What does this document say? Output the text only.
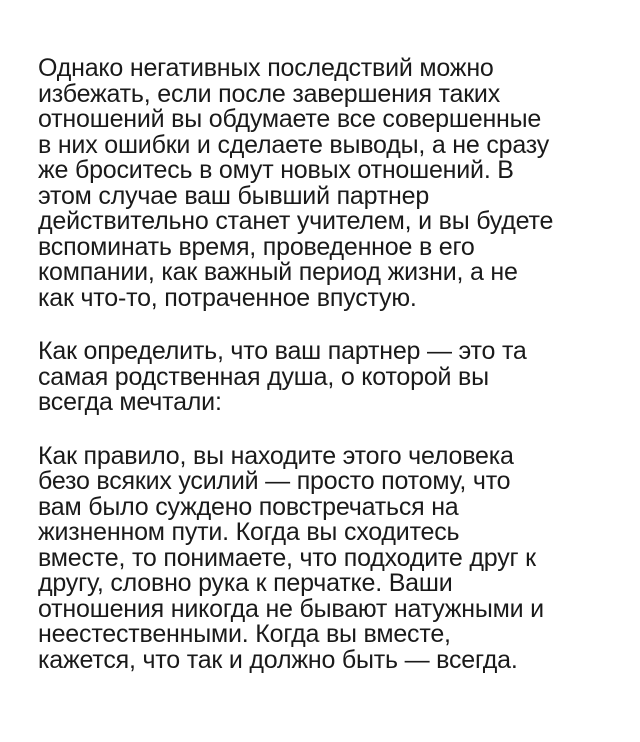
Однако негативных последствий можно
избежать, если после завершения таких
отношений вы обдумаете все совершенные
в них ошибки и сделаете выводы, а не сразу
же броситесь в омут новых отношений. В
этом случае ваш бывший партнер
действительно станет учителем, и вы будете
вспоминать время, проведенное в его
компании, как важный период жизни, а не
как что-то, потраченное впустую.

Как определить, что ваш партнер — это та
самая родственная душа, о которой вы
всегда мечтали:

Как правило, вы находите этого человека
безо всяких усилий — просто потому, что
вам было суждено повстречаться на
жизненном пути. Когда вы сходитесь
вместе, то понимаете, что подходите друг к
другу, словно рука к перчатке. Ваши
отношения никогда не бывают натужными и
неестественными. Когда вы вместе,
кажется, что так и должно быть — всегда.
